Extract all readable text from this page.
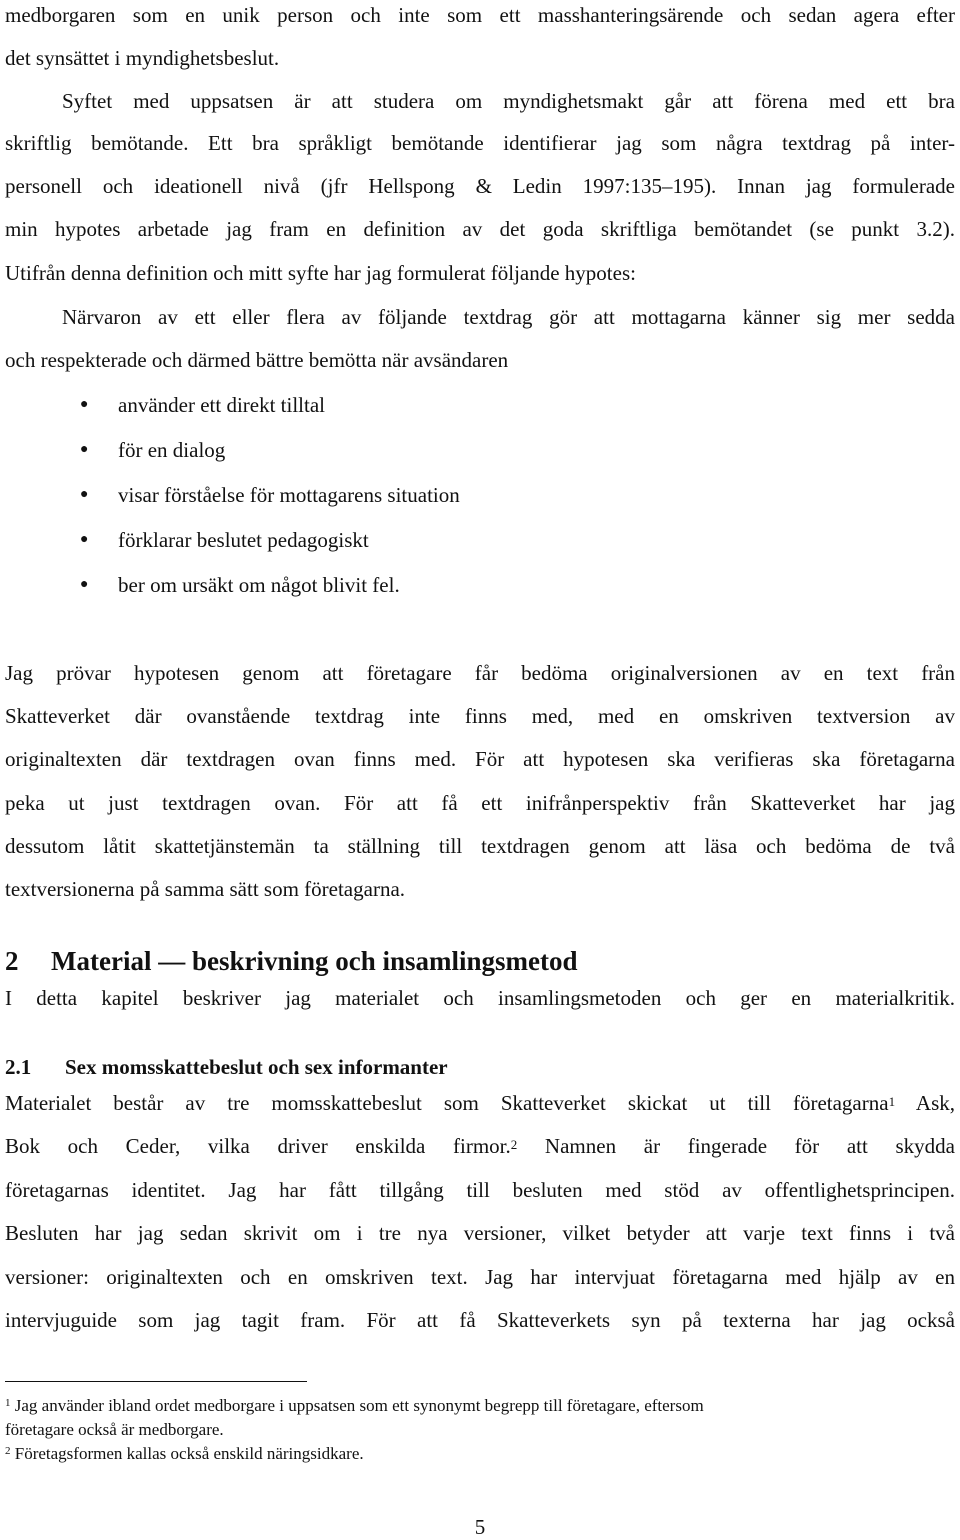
medborgaren som en unik person och inte som ett masshanteringsärende och sedan agera efter
det synsättet i myndighetsbeslut.
Syftet med uppsatsen är att studera om myndighetsmakt går att förena med ett bra
skriftlig bemötande. Ett bra språkligt bemötande identifierar jag som några textdrag på inter-
personell och ideationell nivå (jfr Hellspong & Ledin 1997:135–195). Innan jag formulerade
min hypotes arbetade jag fram en definition av det goda skriftliga bemötandet (se punkt 3.2).
Utifrån denna definition och mitt syfte har jag formulerat följande hypotes:
Närvaron av ett eller flera av följande textdrag gör att mottagarna känner sig mer sedda
och respekterade och därmed bättre bemötta när avsändaren
● använder ett direkt tilltal
● för en dialog
● visar förståelse för mottagarens situation
● förklarar beslutet pedagogiskt
● ber om ursäkt om något blivit fel.
Jag prövar hypotesen genom att företagare får bedöma originalversionen av en text från
Skatteverket där ovanstående textdrag inte finns med, med en omskriven textversion av
originaltexten där textdragen ovan finns med. För att hypotesen ska verifieras ska företagarna
peka ut just textdragen ovan. För att få ett inifrånperspektiv från Skatteverket har jag
dessutom låtit skattetjänstemän ta ställning till textdragen genom att läsa och bedöma de två
textversionerna på samma sätt som företagarna.
2 Material — beskrivning och insamlingsmetod
I detta kapitel beskriver jag materialet och insamlingsmetoden och ger en materialkritik.
2.1 Sex momsskattebeslut och sex informanter
Materialet består av tre momsskattebeslut som Skatteverket skickat ut till företagarna$^1$ Ask,
Bok och Ceder, vilka driver enskilda firmor.$^2$ Namnen är fingerade för att skydda
företagarnas identitet. Jag har fått tillgång till besluten med stöd av offentlighetsprincipen.
Besluten har jag sedan skrivit om i tre nya versioner, vilket betyder att varje text finns i två
versioner: originaltexten och en omskriven text. Jag har intervjuat företagarna med hjälp av en
intervjuguide som jag tagit fram. För att få Skatteverkets syn på texterna har jag också
$^1$ Jag använder ibland ordet medborgare i uppsatsen som ett synonymt begrepp till företagare, eftersom
företagare också är medborgare.
$^2$ Företagsformen kallas också enskild näringsidkare.
5
